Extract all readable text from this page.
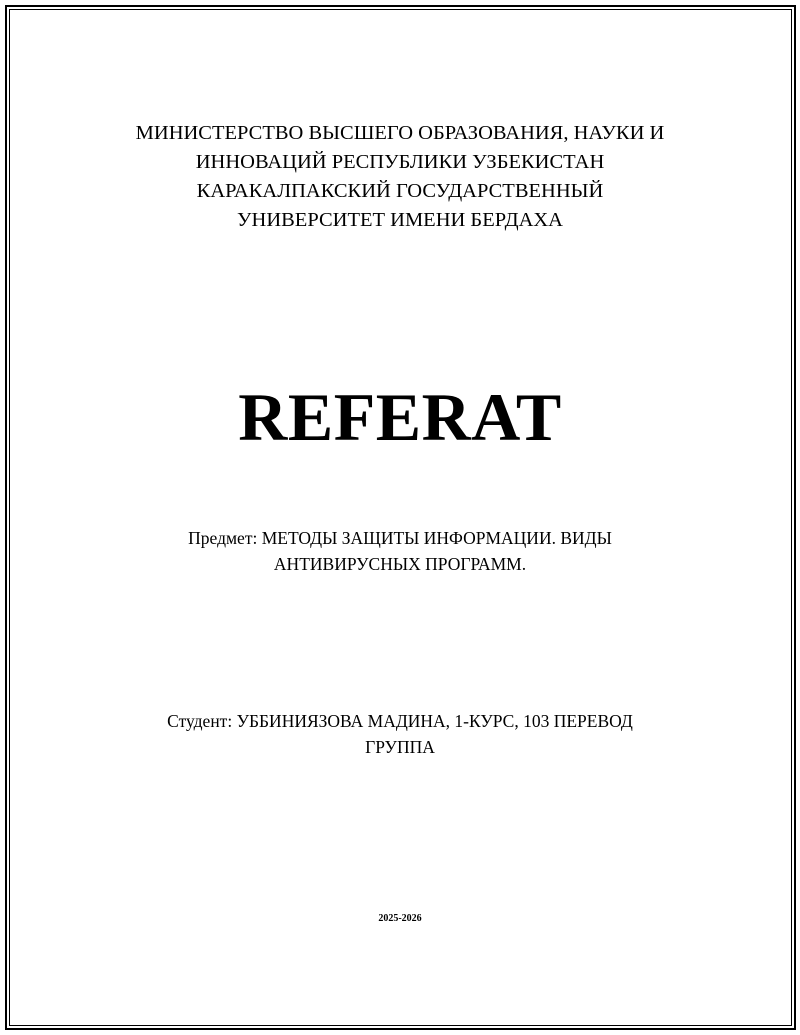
МИНИСТЕРСТВО ВЫСШЕГО ОБРАЗОВАНИЯ, НАУКИ И
ИННОВАЦИЙ РЕСПУБЛИКИ УЗБЕКИСТАН
КАРАКАЛПАКСКИЙ ГОСУДАРСТВЕННЫЙ
УНИВЕРСИТЕТ ИМЕНИ БЕРДАХА
REFERAT
Предмет: МЕТОДЫ ЗАЩИТЫ ИНФОРМАЦИИ. ВИДЫ
АНТИВИРУСНЫХ ПРОГРАММ.
Студент: УББИНИЯЗОВА МАДИНА, 1-КУРС, 103 ПЕРЕВОД
ГРУППА
2025-2026
